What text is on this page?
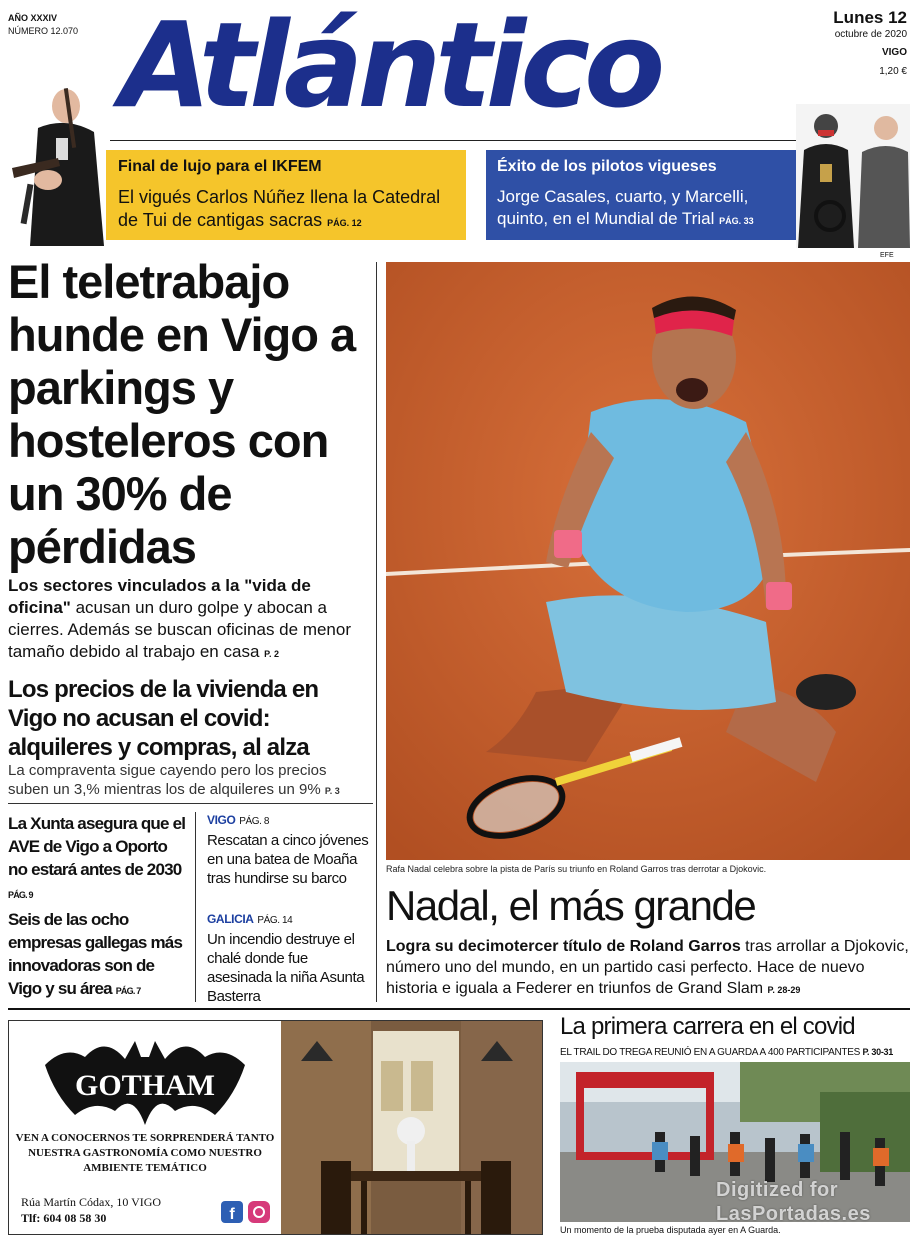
AÑO XXXIV
NÚMERO 12.070 Atlántico	Lunes 12
octubre de 2020
VIGO
1,20 €
Final de lujo para el IKFEM
El vigués Carlos Núñez llena la Catedral de Tui de cantigas sacras PÁG. 12
Éxito de los pilotos vigueses
Jorge Casales, cuarto, y Marcelli, quinto, en el Mundial de Trial PÁG. 33
El teletrabajo hunde en Vigo a parkings y hosteleros con un 30% de pérdidas
Los sectores vinculados a la "vida de oficina" acusan un duro golpe y abocan a cierres. Además se buscan oficinas de menor tamaño debido al trabajo en casa P. 2
Los precios de la vivienda en Vigo no acusan el covid: alquileres y compras, al alza
La compraventa sigue cayendo pero los precios suben un 3,% mientras los de alquileres un 9% P. 3
La Xunta asegura que el AVE de Vigo a Oporto no estará antes de 2030 PÁG. 9
Seis de las ocho empresas gallegas más innovadoras son de Vigo y su área PÁG. 7
VIGO PÁG. 8
Rescatan a cinco jóvenes en una batea de Moaña tras hundirse su barco
GALICIA PÁG. 14
Un incendio destruye el chalé donde fue asesinada la niña Asunta Basterra
EFE
Rafa Nadal celebra sobre la pista de París su triunfo en Roland Garros tras derrotar a Djokovic.
Nadal, el más grande
Logra su decimotercer título de Roland Garros tras arrollar a Djokovic, número uno del mundo, en un partido casi perfecto. Hace de nuevo historia e iguala a Federer en triunfos de Grand Slam P. 28-29
GOTHAM
VEN A CONOCERNOS TE SORPRENDERÁ TANTO NUESTRA GASTRONOMÍA COMO NUESTRO AMBIENTE TEMÁTICO
Rúa Martín Códax, 10 VIGO
Tlf: 604 08 58 30	f
La primera carrera en el covid
EL TRAIL DO TREGA REUNIÓ EN A GUARDA A 400 PARTICIPANTES P. 30-31
Digitized for
LasPortadas.es
Un momento de la prueba disputada ayer en A Guarda.
